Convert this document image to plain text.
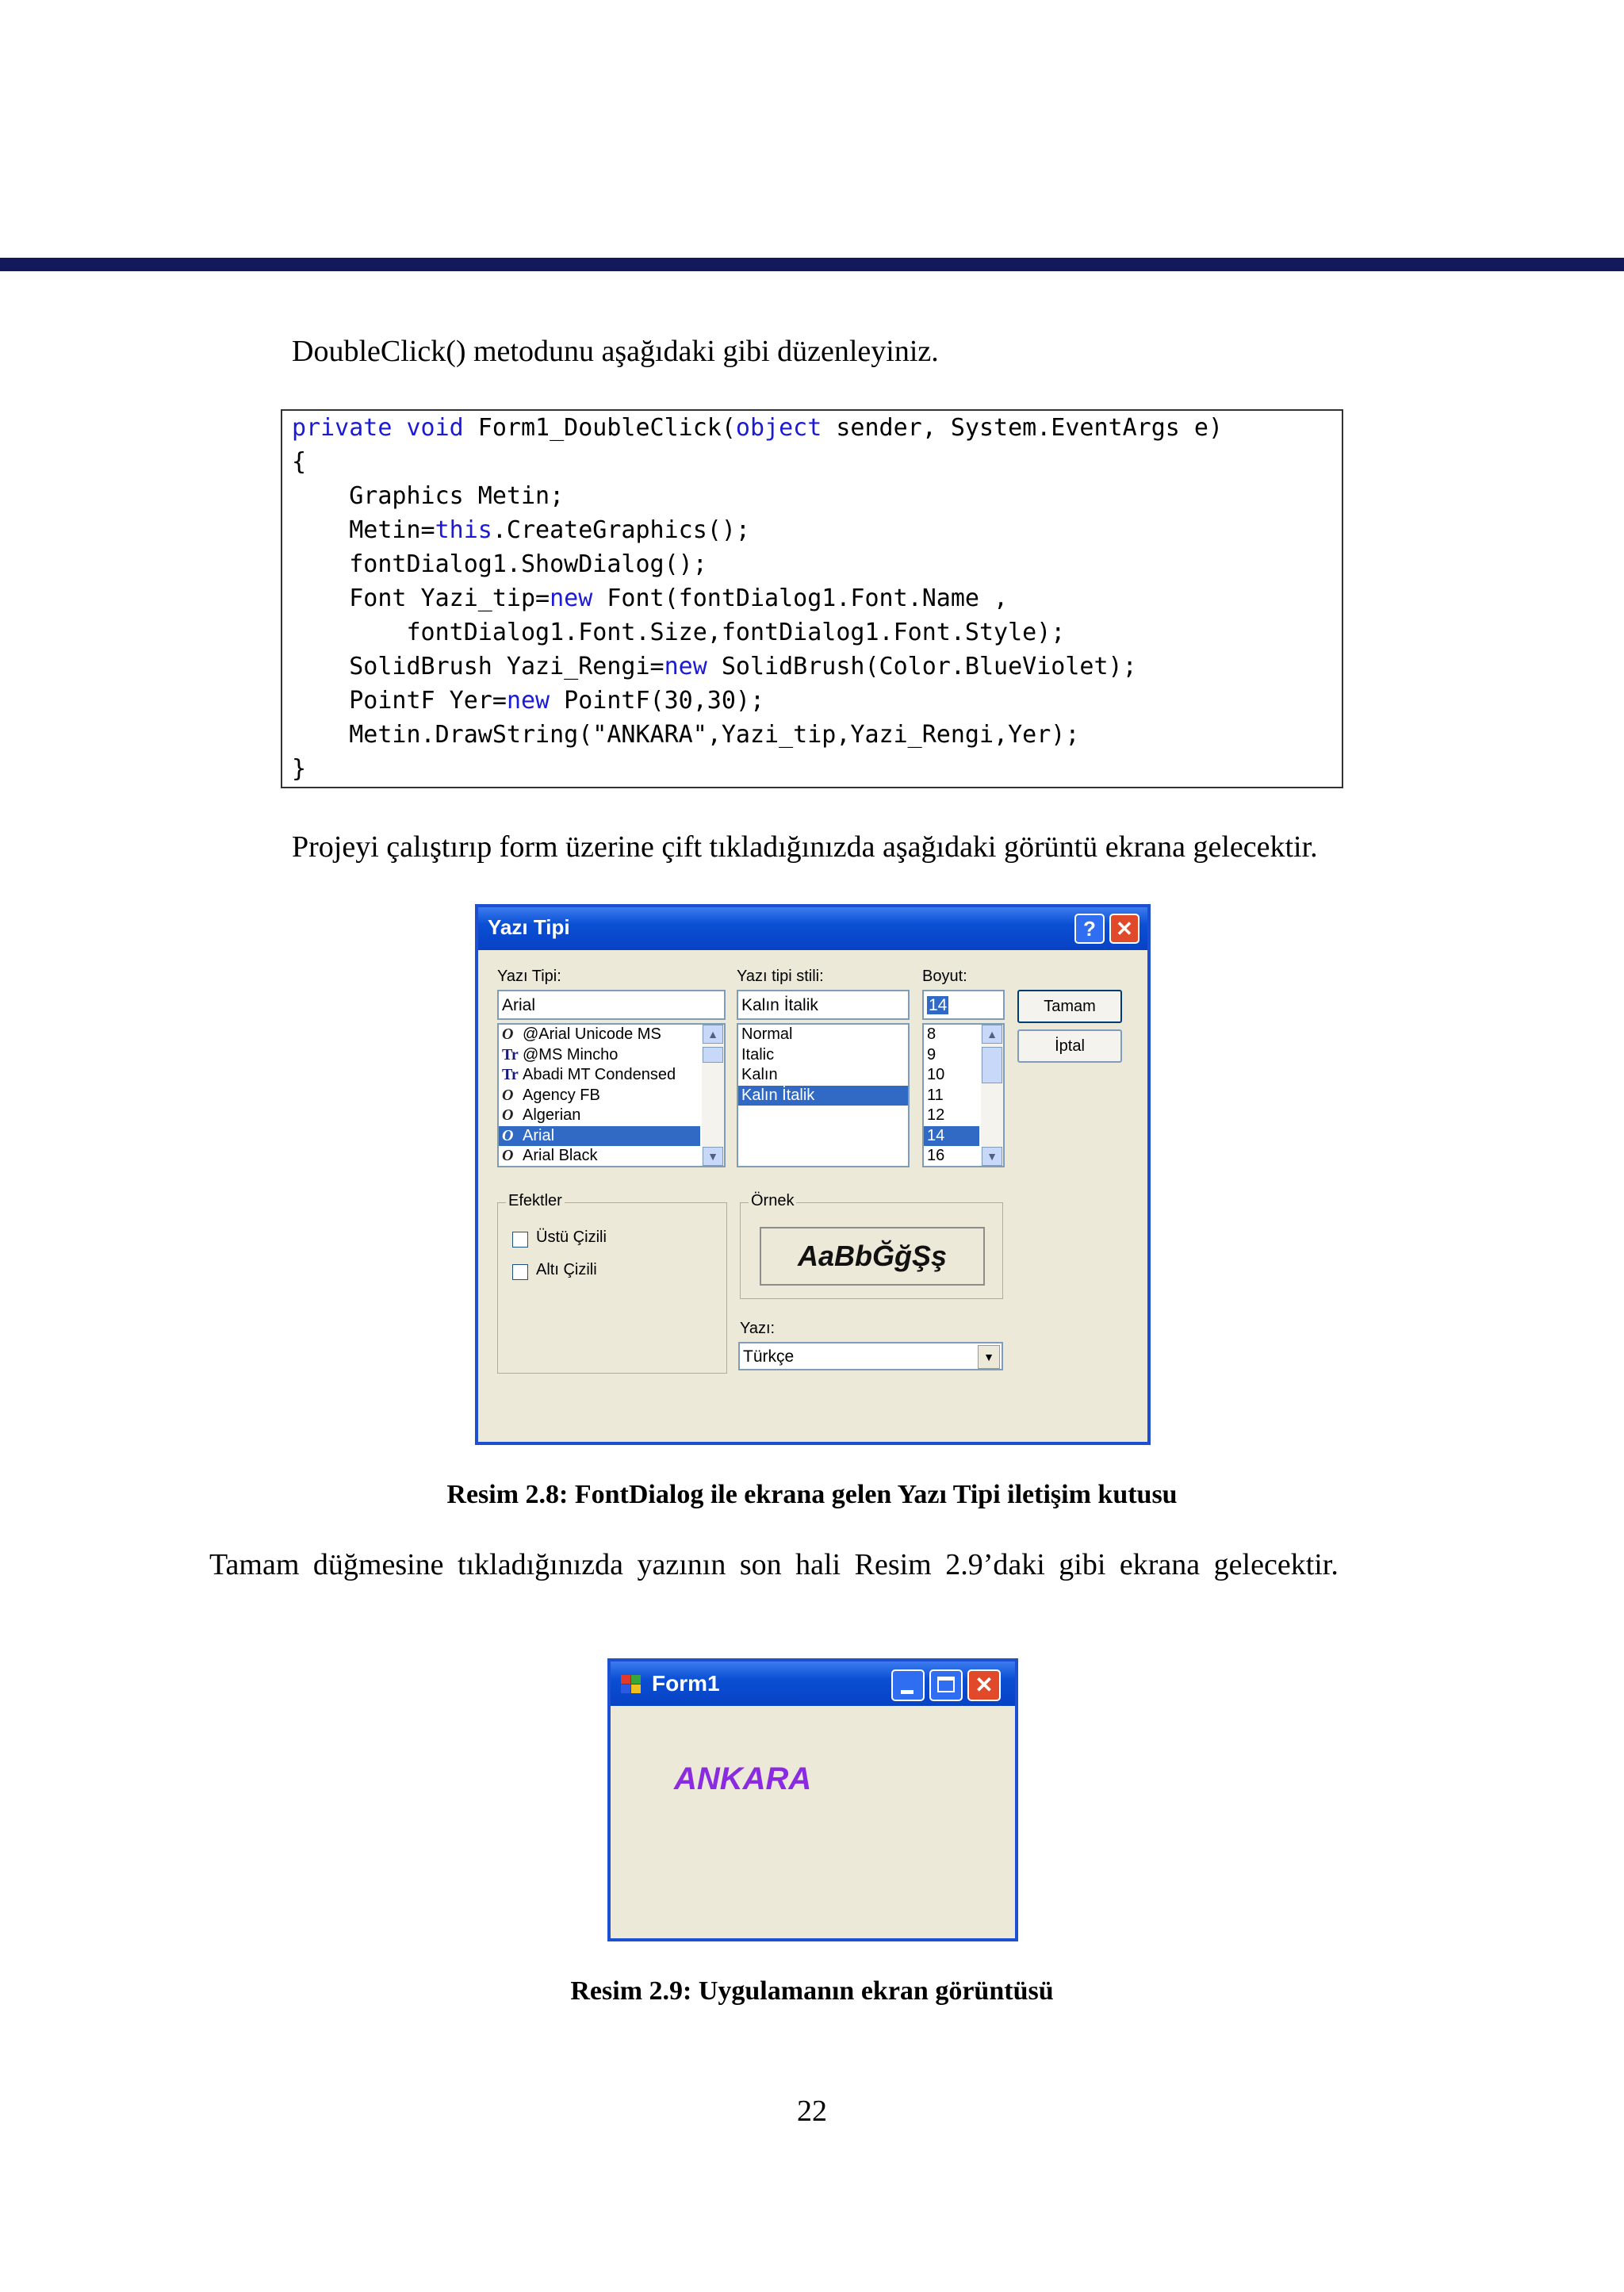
DoubleClick() metodunu aşağıdaki gibi düzenleyiniz.

private void Form1_DoubleClick(object sender, System.EventArgs e)
{
Graphics Metin;
Metin=this.CreateGraphics();
fontDialog1.ShowDialog();
Font Yazi_tip=new Font(fontDialog1.Font.Name ,
fontDialog1.Font.Size,fontDialog1.Font.Style);
SolidBrush Yazi_Rengi=new SolidBrush(Color.BlueViolet);
PointF Yer=new PointF(30,30);
Metin.DrawString("ANKARA",Yazi_tip,Yazi_Rengi,Yer);
}

Projeyi çalıştırıp form üzerine çift tıkladığınızda aşağıdaki görüntü ekrana gelecektir.

Yazı Tipi	? ✕
Yazı Tipi:
Arial
O @Arial Unicode MS
Tr @MS Mincho
Tr Abadi MT Condensed
O Agency FB
O Algerian
O Arial
O Arial Black
▲
▼
Yazı tipi stili:
Kalın İtalik
Normal
Italic
Kalın
Kalın İtalik
Boyut:
14
8
9
10
11
12
14
16
▲
▼
Tamam
İptal
Efektler
Üstü Çizili
Altı Çizili
Örnek
AaBbĞğŞş
Yazı:
Türkçe	▼
Resim 2.8: FontDialog ile ekrana gelen Yazı Tipi iletişim kutusu

Tamam düğmesine tıkladığınızda yazının son hali Resim 2.9’daki gibi ekrana gelecektir.

Form1	✕
ANKARA
Resim 2.9: Uygulamanın ekran görüntüsü
22
